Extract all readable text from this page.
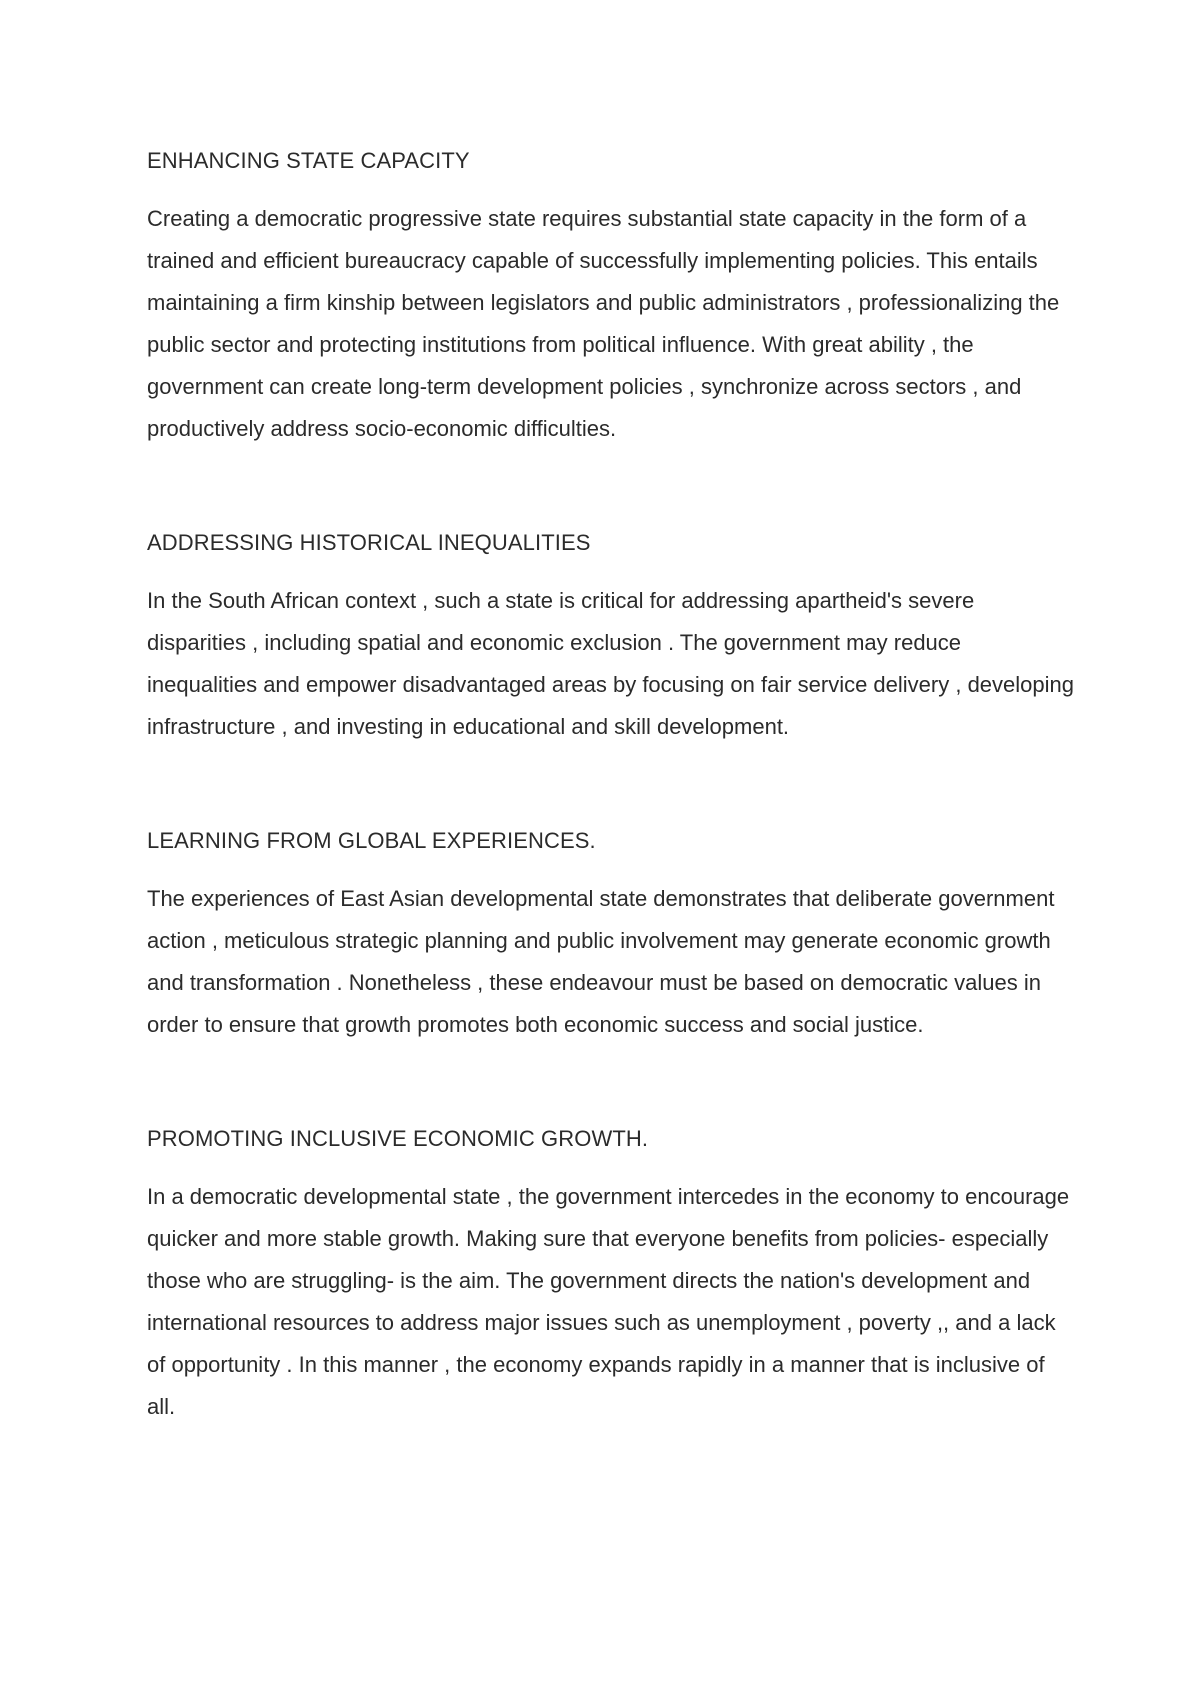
ENHANCING STATE CAPACITY

Creating a democratic progressive state requires substantial state capacity in the form of a trained and efficient bureaucracy capable of successfully implementing policies. This entails maintaining a firm kinship between legislators and public administrators , professionalizing the public sector and protecting institutions from political influence. With great ability , the government can create long-term development policies , synchronize across sectors , and productively address socio-economic difficulties.

ADDRESSING HISTORICAL INEQUALITIES

In the South African context , such a state is critical for addressing apartheid's severe disparities , including spatial and economic exclusion . The government may reduce inequalities and empower disadvantaged areas by focusing on fair service delivery , developing infrastructure , and investing in educational and skill development.

LEARNING FROM GLOBAL EXPERIENCES.

The experiences of East Asian developmental state demonstrates that deliberate government action , meticulous strategic planning and public involvement may generate economic growth and transformation . Nonetheless , these endeavour must be based on democratic values in order to ensure that growth promotes both economic success and social justice.

PROMOTING INCLUSIVE ECONOMIC GROWTH.

In a democratic developmental state , the government intercedes in the economy to encourage quicker and more stable growth. Making sure that everyone benefits from policies- especially those who are struggling- is the aim. The government directs the nation's development and international resources to address major issues such as unemployment , poverty ,, and a lack of opportunity . In this manner , the economy expands rapidly in a manner that is inclusive of all.
